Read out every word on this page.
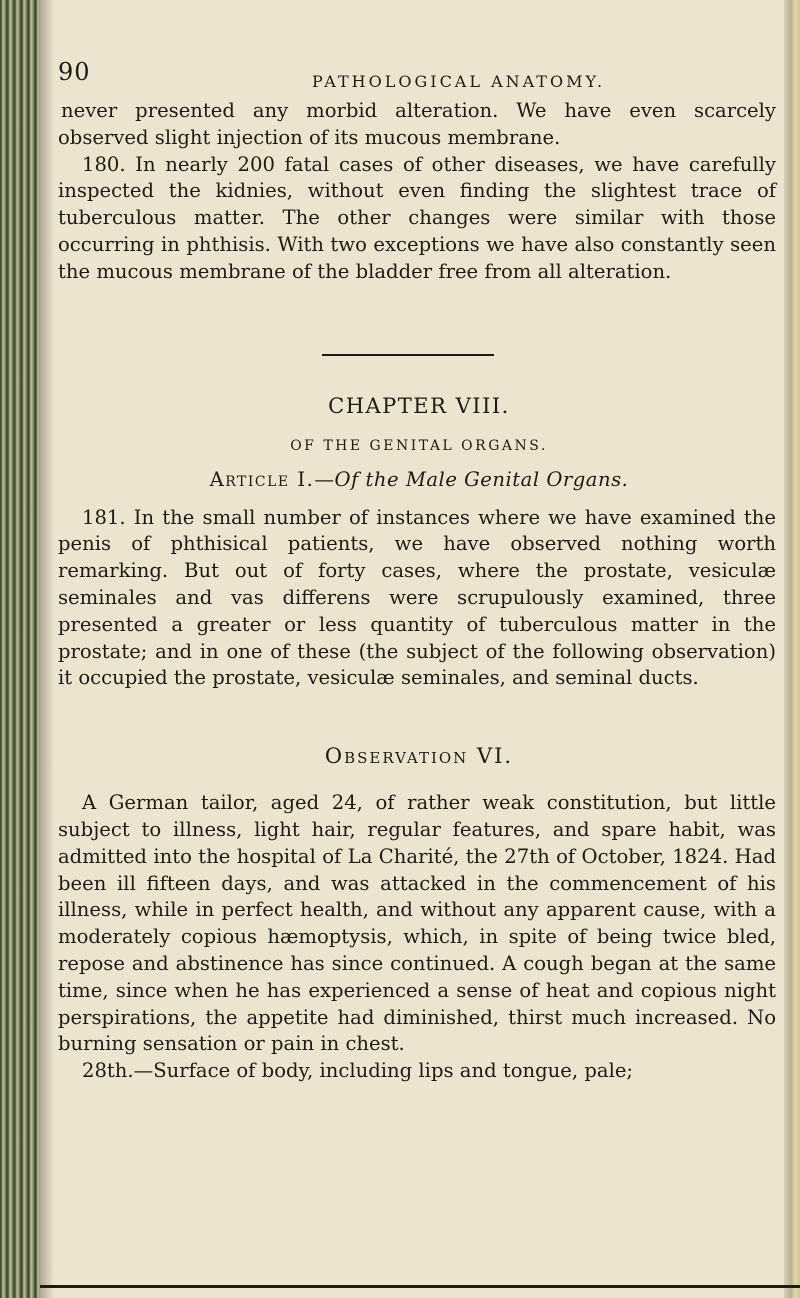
90	PATHOLOGICAL ANATOMY.

never presented any morbid alteration. We have even scarcely observed slight injection of its mucous membrane.

180. In nearly 200 fatal cases of other diseases, we have carefully inspected the kidnies, without even finding the slightest trace of tuberculous matter. The other changes were similar with those occurring in phthisis. With two exceptions we have also constantly seen the mucous membrane of the bladder free from all alteration.

CHAPTER VIII.
OF THE GENITAL ORGANS.
Article I.—Of the Male Genital Organs.

181. In the small number of instances where we have examined the penis of phthisical patients, we have observed nothing worth remarking. But out of forty cases, where the prostate, vesiculæ seminales and vas differens were scrupulously examined, three presented a greater or less quantity of tuberculous matter in the prostate; and in one of these (the subject of the following observation) it occupied the prostate, vesiculæ seminales, and seminal ducts.

Observation VI.

A German tailor, aged 24, of rather weak constitution, but little subject to illness, light hair, regular features, and spare habit, was admitted into the hospital of La Charité, the 27th of October, 1824. Had been ill fifteen days, and was attacked in the commencement of his illness, while in perfect health, and without any apparent cause, with a moderately copious hæmoptysis, which, in spite of being twice bled, repose and abstinence has since continued. A cough began at the same time, since when he has experienced a sense of heat and copious night perspirations, the appetite had diminished, thirst much increased. No burning sensation or pain in chest.

28th.—Surface of body, including lips and tongue, pale;
